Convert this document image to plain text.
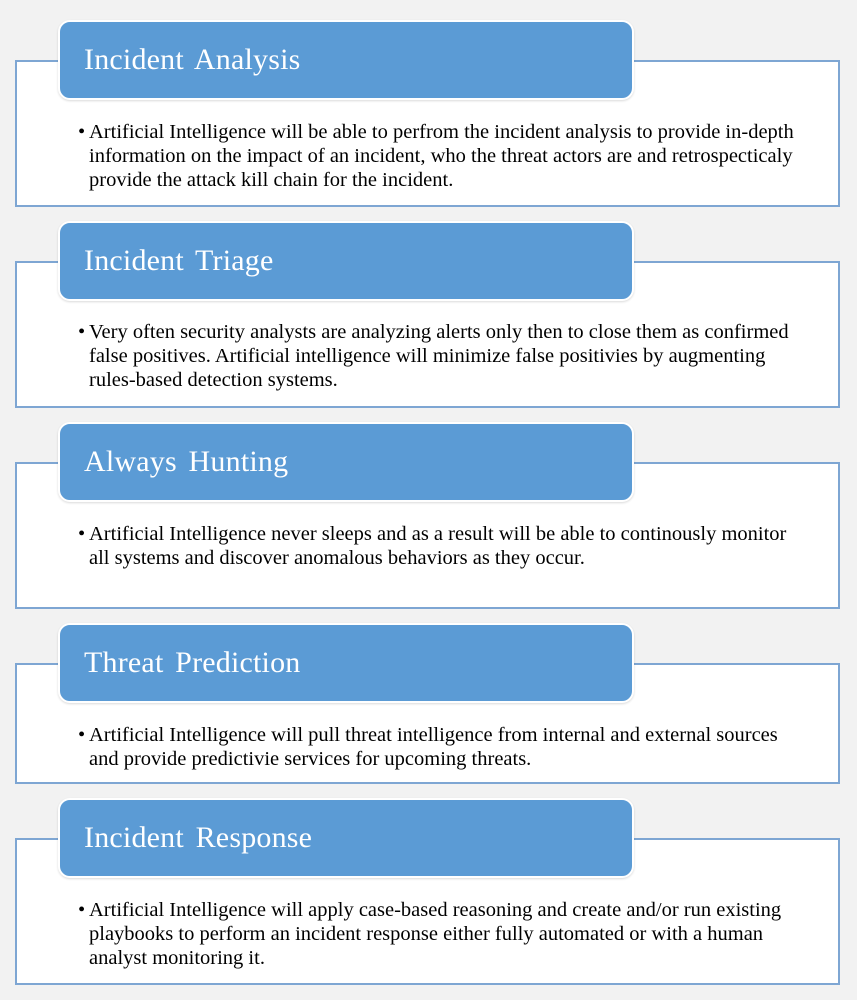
Incident Analysis
• Artificial Intelligence will be able to perfrom the incident analysis to provide in-depth information on the impact of an incident, who the threat actors are and retrospecticaly provide the attack kill chain for the incident.
Incident Triage
• Very often security analysts are analyzing alerts only then to close them as confirmed false positives. Artificial intelligence will minimize false positivies by augmenting rules-based detection systems.
Always Hunting
• Artificial Intelligence never sleeps and as a result will be able to continously monitor all systems and discover anomalous behaviors as they occur.
Threat Prediction
• Artificial Intelligence will pull threat intelligence from internal and external sources and provide predictivie services for upcoming threats.
Incident Response
• Artificial Intelligence will apply case-based reasoning and create and/or run existing playbooks to perform an incident response either fully automated or with a human analyst monitoring it.
